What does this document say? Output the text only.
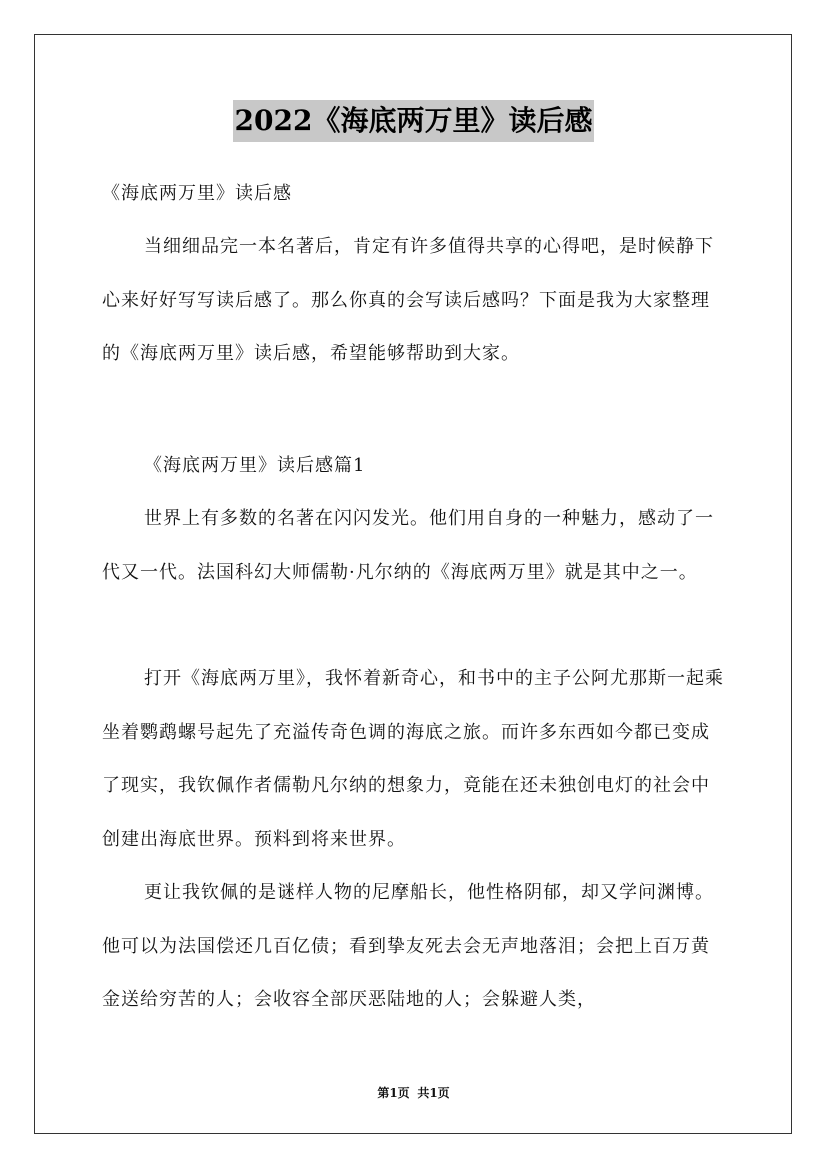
2022《海底两万里》读后感
《海底两万里》读后感
当细细品完一本名著后，肯定有许多值得共享的心得吧，是时候静下心来好好写写读后感了。那么你真的会写读后感吗？下面是我为大家整理的《海底两万里》读后感，希望能够帮助到大家。
《海底两万里》读后感篇1
世界上有多数的名著在闪闪发光。他们用自身的一种魅力，感动了一代又一代。法国科幻大师儒勒·凡尔纳的《海底两万里》就是其中之一。
打开《海底两万里》，我怀着新奇心，和书中的主子公阿尤那斯一起乘坐着鹦鹉螺号起先了充溢传奇色调的海底之旅。而许多东西如今都已变成了现实，我钦佩作者儒勒凡尔纳的想象力，竟能在还未独创电灯的社会中创建出海底世界。预料到将来世界。
更让我钦佩的是谜样人物的尼摩船长，他性格阴郁，却又学问渊博。他可以为法国偿还几百亿债；看到挚友死去会无声地落泪；会把上百万黄金送给穷苦的人；会收容全部厌恶陆地的人；会躲避人类，
第1页 共1页
